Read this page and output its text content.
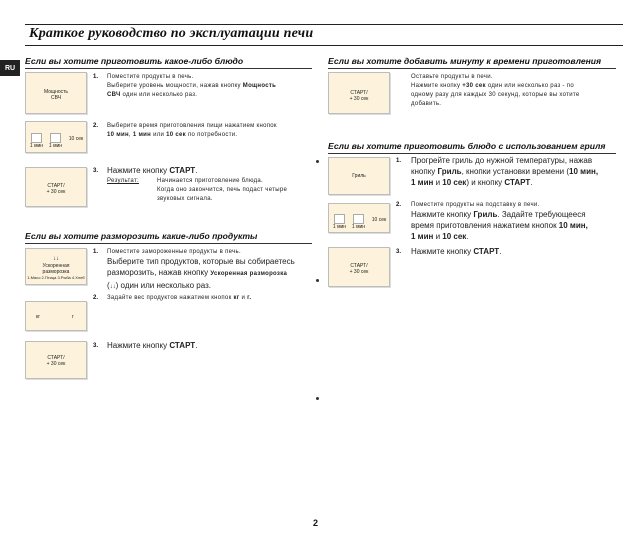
Краткое руководство по эксплуатации печи
RU
Если вы хотите приготовить какое-либо блюдо
Мощность
СВЧ
1. Поместите продукты в печь.
Выберите уровень мощности, нажав кнопку Мощность
СВЧ один или несколько раз.
1 мин	1 мин
10 сек
2. Выберите время приготовления пищи нажатием кнопок
10 мин, 1 мин или 10 сек по потребности.
СТАРТ/
+ 30 сек
3. Нажмите кнопку СТАРТ.
Результат:	Начинается приготовление блюда.
Когда оно закончится, печь подаст четыре
звуковых сигнала.
Если вы хотите разморозить какие-либо продукты
↓↓
Ускоренная
разморозка
1.Мясо 2.Птица 3.Рыба 4.Хлеб
1. Поместите замороженные продукты в печь.
Выберите тип продуктов, которые вы собираетесь
разморозить, нажав кнопку Ускоренная разморозка
(↓↓) один или несколько раз.
кг	г
2. Задайте вес продуктов нажатием кнопок кг и г.
СТАРТ/
+ 30 сек
3. Нажмите кнопку СТАРТ.
Если вы хотите добавить минуту к времени приготовления
СТАРТ/
+ 30 сек
Оставьте продукты в печи.
Нажмите кнопку +30 сек один или несколько раз - по
одному разу для каждых 30 секунд, которые вы хотите
добавить.
Если вы хотите приготовить блюдо с использованием гриля
Гриль
1. Прогрейте гриль до нужной температуры, нажав
кнопку Гриль, кнопки установки времени (10 мин,
1 мин и 10 сек) и кнопку СТАРТ.
1 мин	1 мин
10 сек
2. Поместите продукты на подставку в печи.
Нажмите кнопку Гриль. Задайте требующееся
время приготовления нажатием кнопок 10 мин,
1 мин и 10 сек.
СТАРТ/
+ 30 сек
3. Нажмите кнопку СТАРТ.
2
